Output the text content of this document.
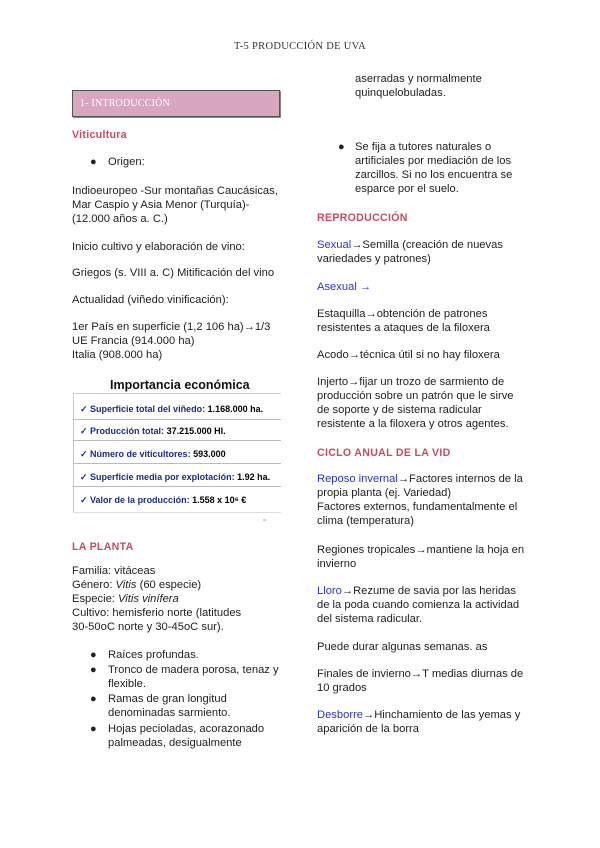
T-5 PRODUCCIÓN DE UVA
1- INTRODUCCIÓN
Viticultura
● Origen:
Indioeuropeo -Sur montañas Caucásicas,
Mar Caspio y Asia Menor (Turquía)-
(12.000 años a. C.)
Inicio cultivo y elaboración de vino:
Griegos (s. VIII a. C) Mitificación del vino
Actualidad (viñedo vinificación):
1er País en superficie (1,2 106 ha)→1/3
UE Francia (914.000 ha)
Italia (908.000 ha)
Importancia económica
✓ Superficie total del viñedo: 1.168.000 ha.
✓ Producción total: 37.215.000 Hl.
✓ Número de viticultores: 593.000
✓ Superficie media por explotación: 1.92 ha.
✓ Valor de la producción: 1.558 x 10⁶ €
LA PLANTA
Familia: vitáceas
Género: Vitis (60 especie)
Especie: Vitis vinífera
Cultivo: hemisferio norte (latitudes
30-50oC norte y 30-45oC sur).
● Raíces profundas.
● Tronco de madera porosa, tenaz y
flexible.
● Ramas de gran longitud
denominadas sarmiento.
● Hojas pecioladas, acorazonado
palmeadas, desigualmente
aserradas y normalmente
quinquelobuladas.
● Se fija a tutores naturales o
artificiales por mediación de los
zarcillos. Si no los encuentra se
esparce por el suelo.
REPRODUCCIÓN
Sexual→Semilla (creación de nuevas
variedades y patrones)
Asexual →
Estaquilla→obtención de patrones
resistentes a ataques de la filoxera
Acodo→técnica útil si no hay filoxera
Injerto→fijar un trozo de sarmiento de
producción sobre un patrón que le sirve
de soporte y de sistema radicular
resistente a la filoxera y otros agentes.
CICLO ANUAL DE LA VID
Reposo invernal→Factores internos de la
propia planta (ej. Variedad)
Factores externos, fundamentalmente el
clima (temperatura)
Regiones tropicales→mantiene la hoja en
invierno
Lloro→Rezume de savia por las heridas
de la poda cuando comienza la actividad
del sistema radicular.
Puede durar algunas semanas. as
Finales de invierno→T medias diurnas de
10 grados
Desborre→Hinchamiento de las yemas y
aparición de la borra
